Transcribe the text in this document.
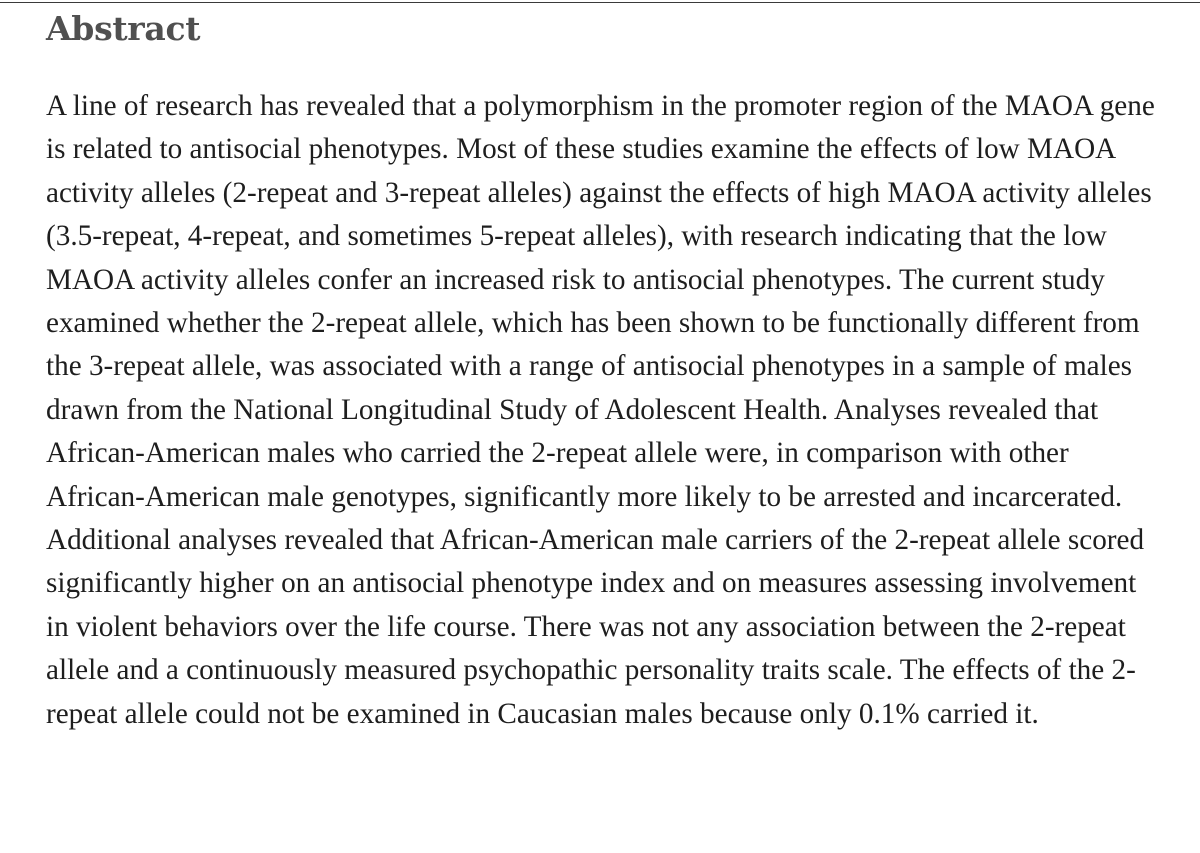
Abstract

A line of research has revealed that a polymorphism in the promoter region of the MAOA gene is related to antisocial phenotypes. Most of these studies examine the effects of low MAOA activity alleles (2-repeat and 3-repeat alleles) against the effects of high MAOA activity alleles (3.5-repeat, 4-repeat, and sometimes 5-repeat alleles), with research indicating that the low MAOA activity alleles confer an increased risk to antisocial phenotypes. The current study examined whether the 2-repeat allele, which has been shown to be functionally different from the 3-repeat allele, was associated with a range of antisocial phenotypes in a sample of males drawn from the National Longitudinal Study of Adolescent Health. Analyses revealed that African-American males who carried the 2-repeat allele were, in comparison with other African-American male genotypes, significantly more likely to be arrested and incarcerated. Additional analyses revealed that African-American male carriers of the 2-repeat allele scored significantly higher on an antisocial phenotype index and on measures assessing involvement in violent behaviors over the life course. There was not any association between the 2-repeat allele and a continuously measured psychopathic personality traits scale. The effects of the 2-repeat allele could not be examined in Caucasian males because only 0.1% carried it.
